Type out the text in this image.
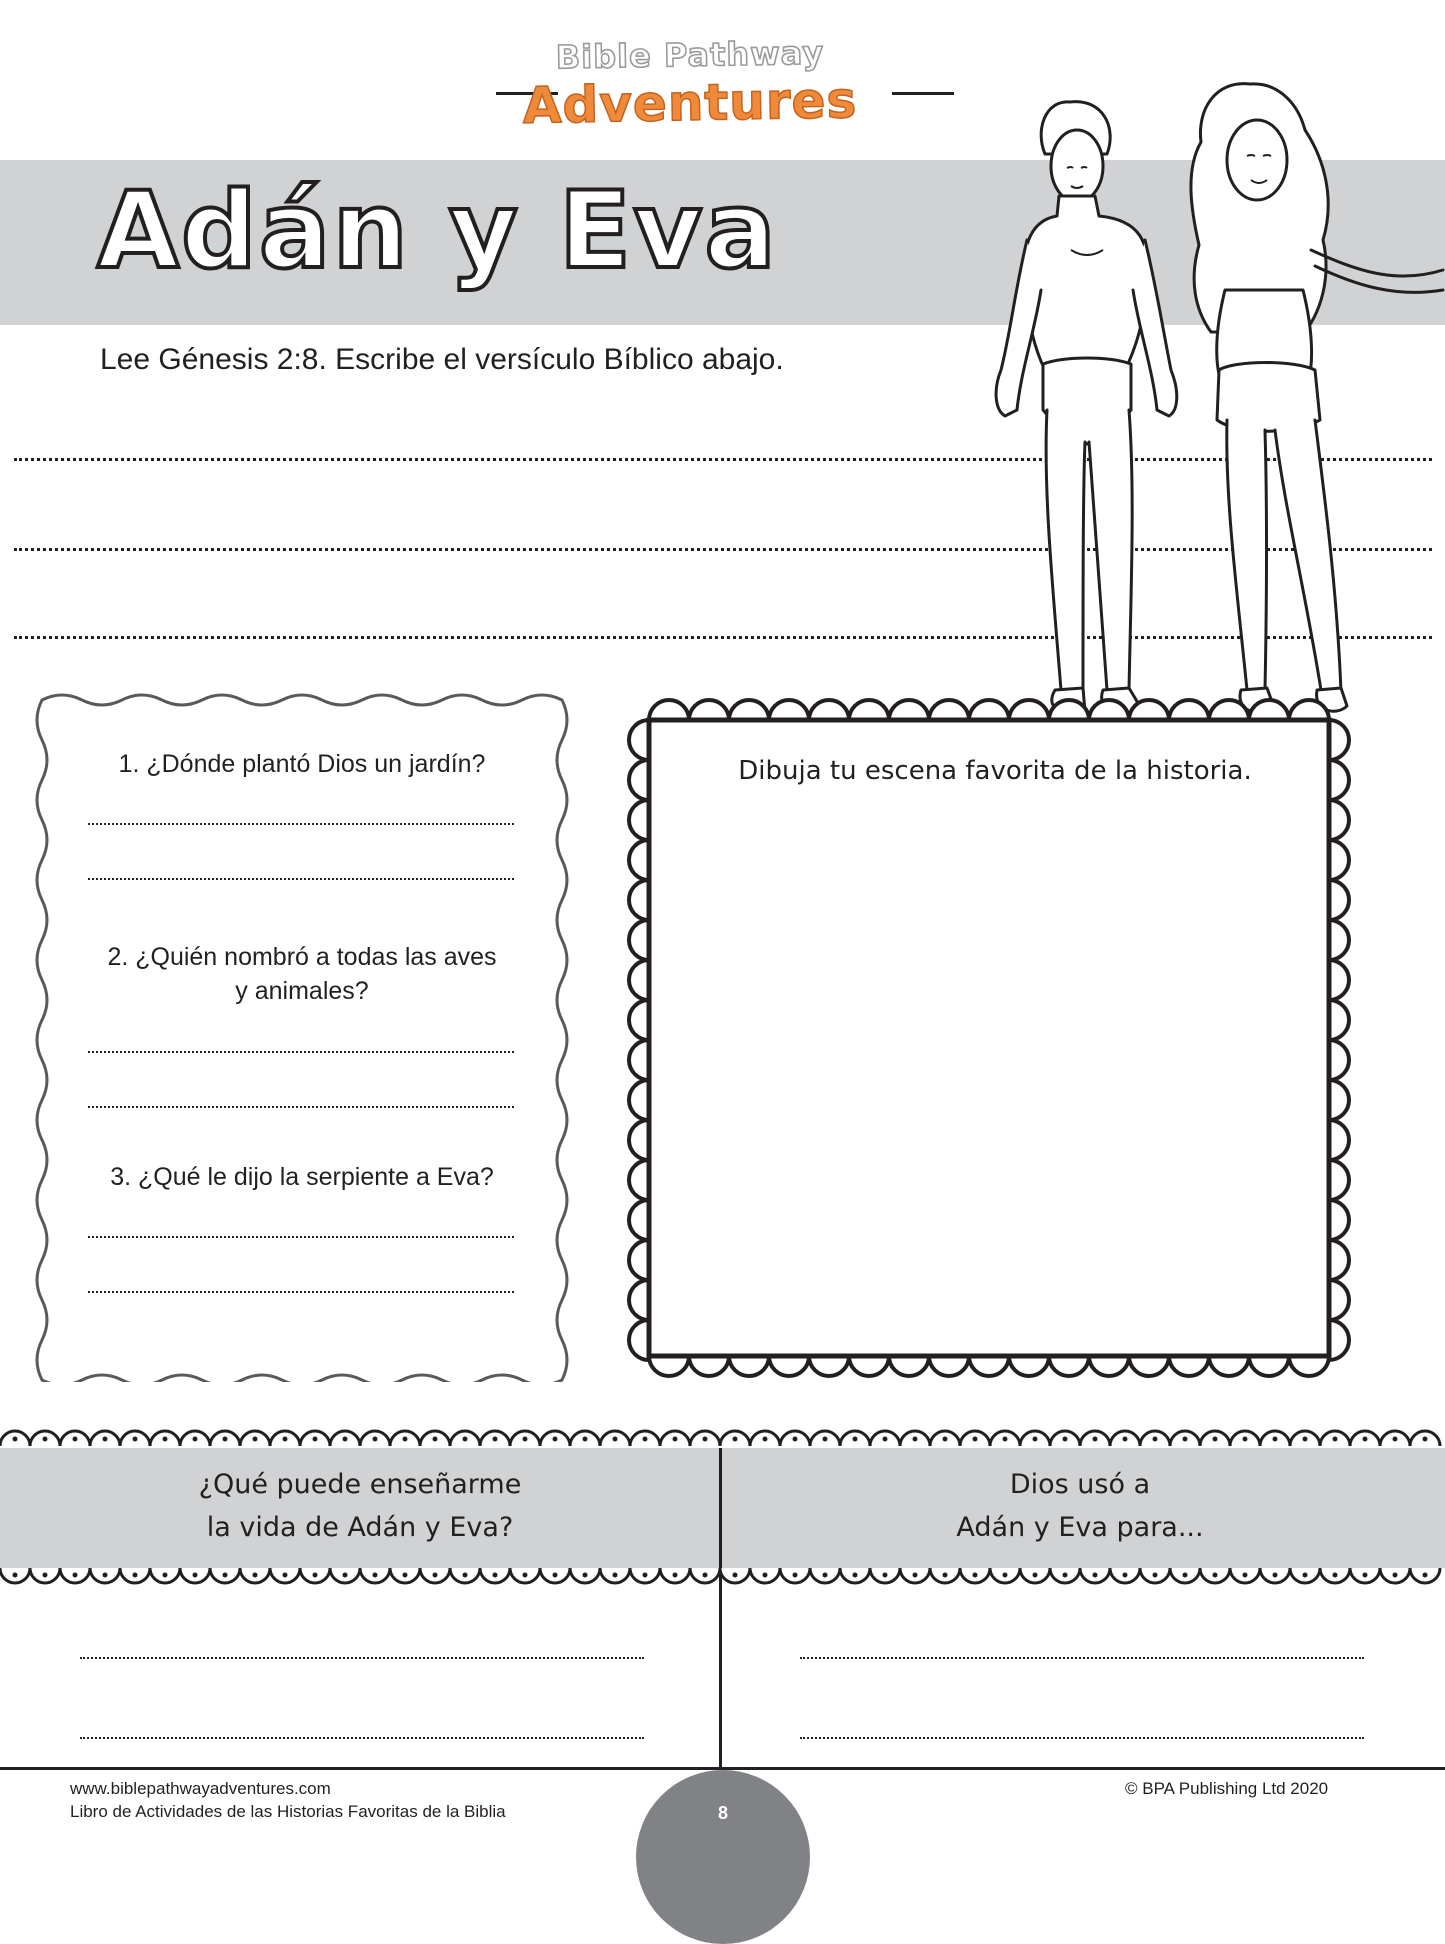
Bible Pathway
Adventures
Adán y Eva
Lee Génesis 2:8. Escribe el versículo Bíblico abajo.
1. ¿Dónde plantó Dios un jardín?
2. ¿Quién nombró a todas las aves
y animales?
3. ¿Qué le dijo la serpiente a Eva?
Dibuja tu escena favorita de la historia.
¿Qué puede enseñarme
la vida de Adán y Eva?
Dios usó a
Adán y Eva para...
www.biblepathwayadventures.com
Libro de Actividades de las Historias Favoritas de la Biblia
© BPA Publishing Ltd 2020
8
